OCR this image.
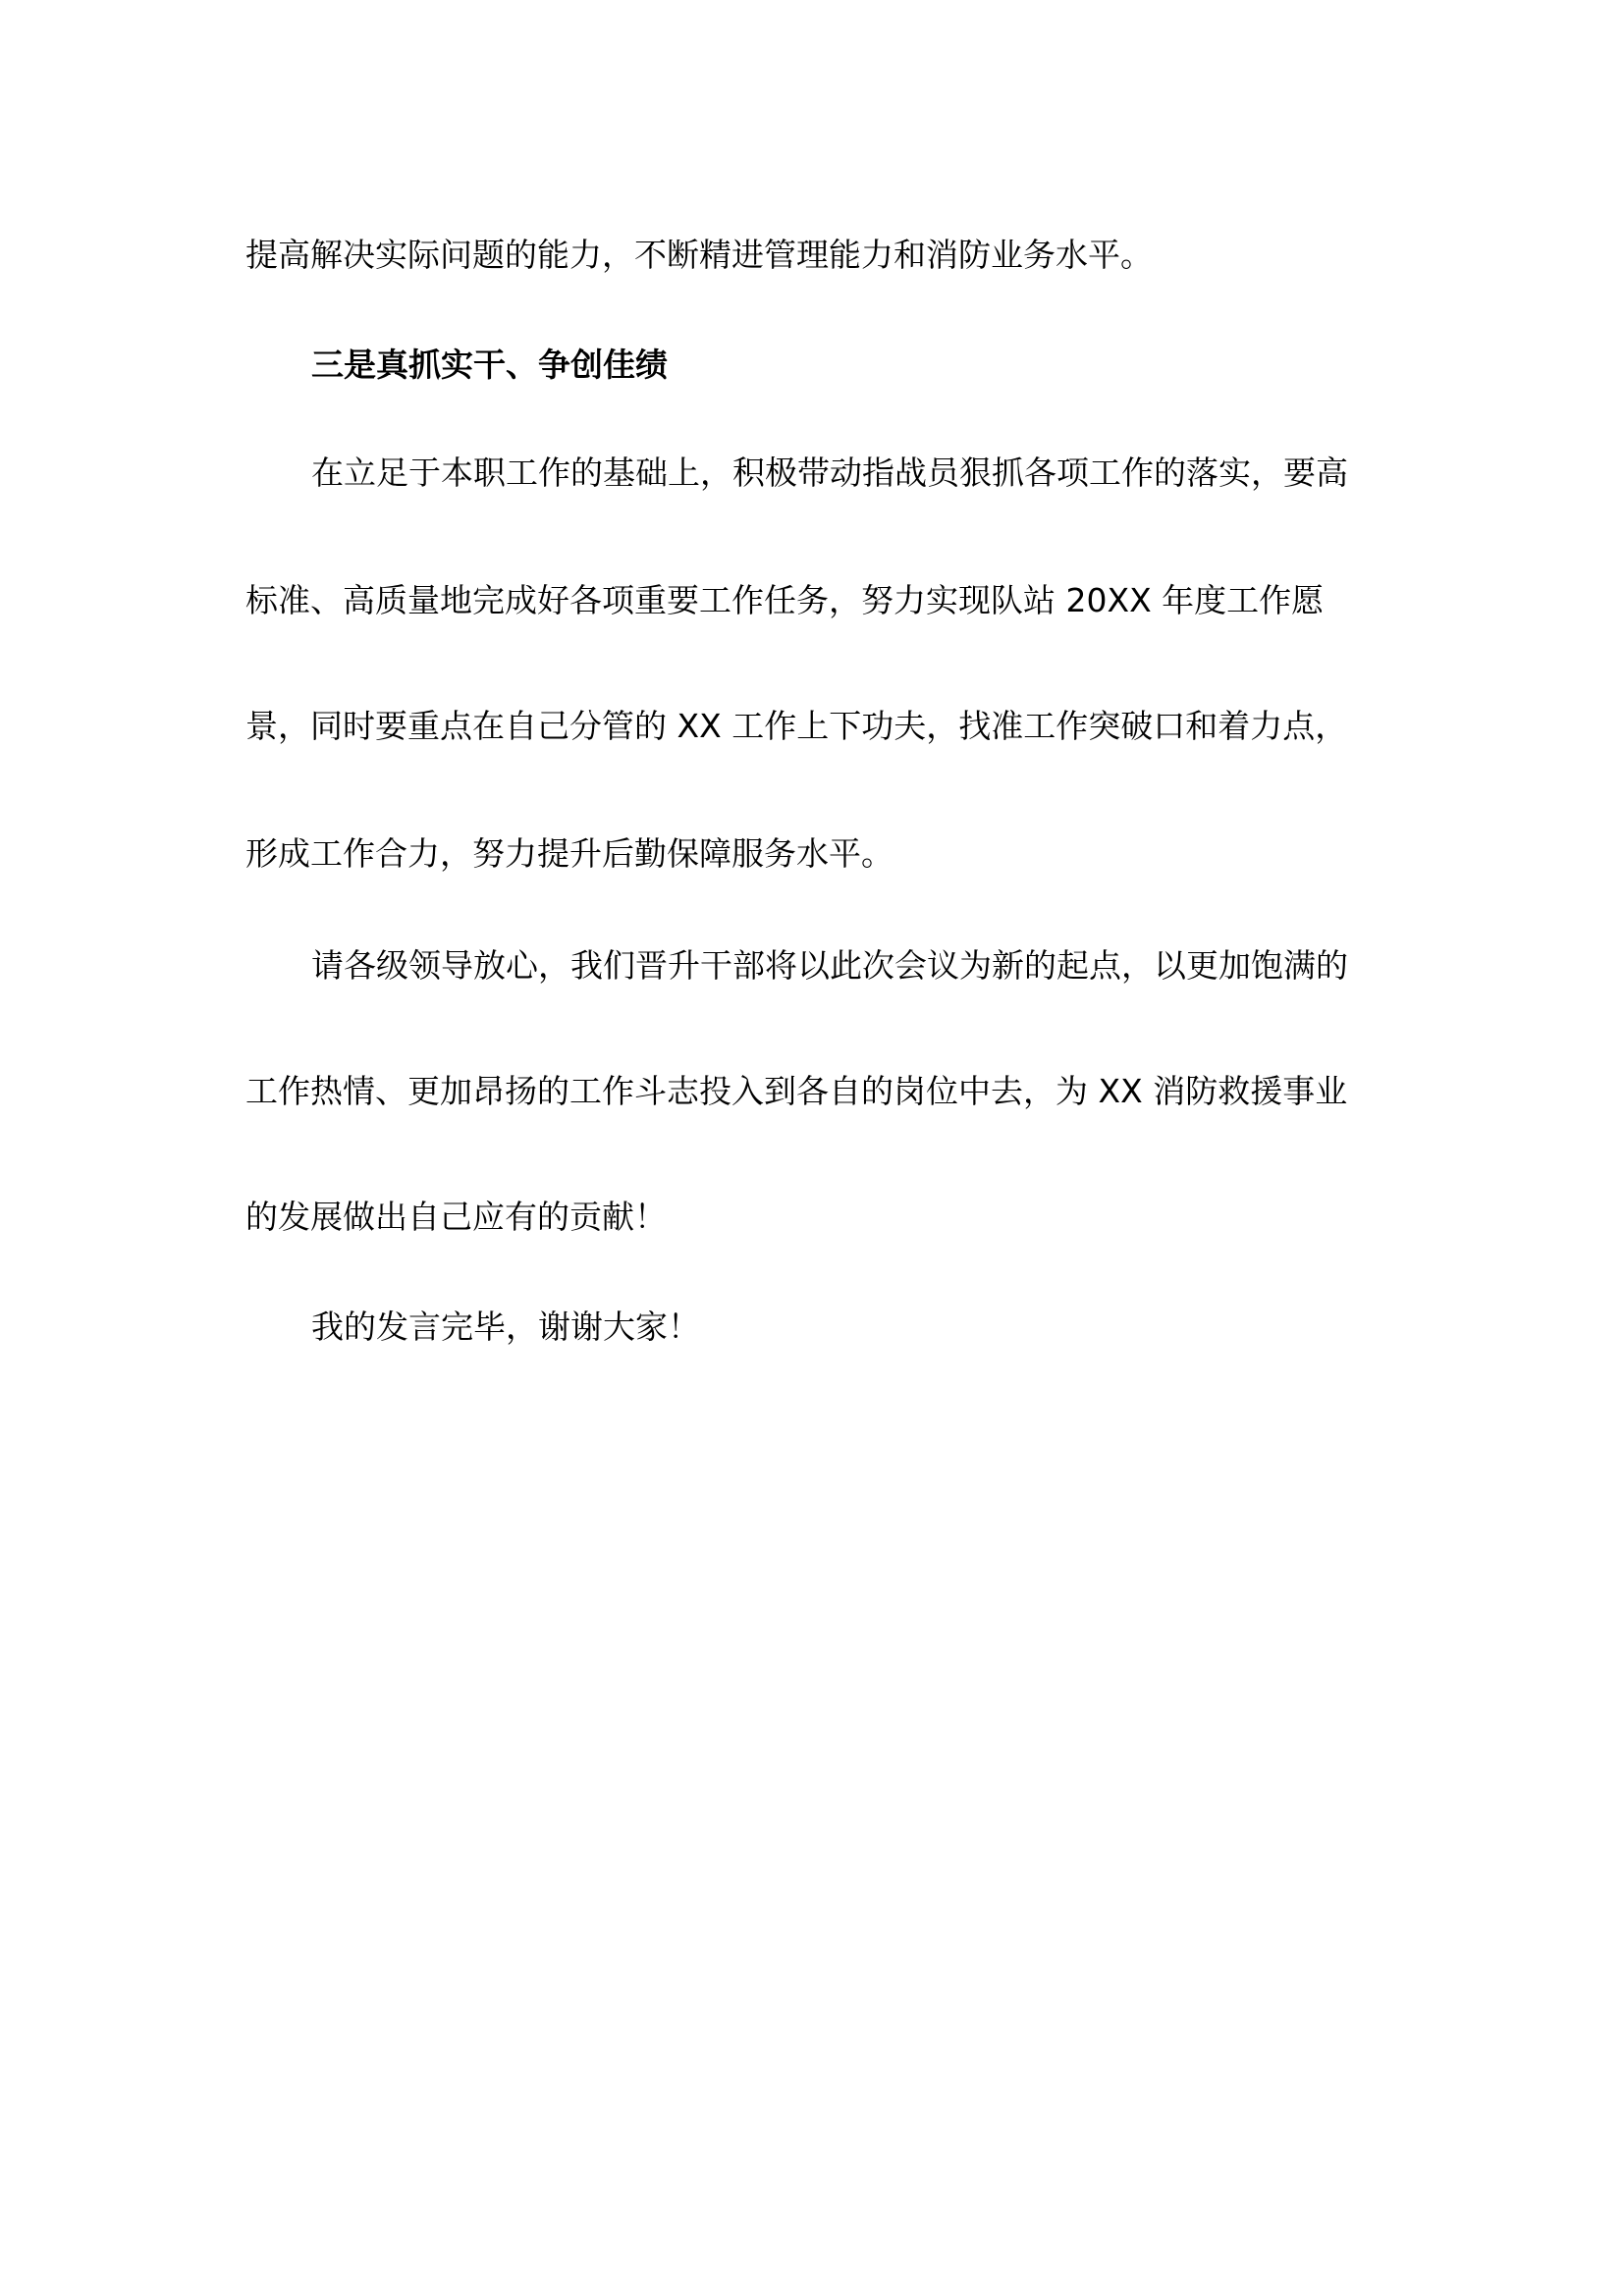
提高解决实际问题的能力，不断精进管理能力和消防业务水平。
三是真抓实干、争创佳绩
在立足于本职工作的基础上，积极带动指战员狠抓各项工作的落实，要高
标准、高质量地完成好各项重要工作任务，努力实现队站 20XX 年度工作愿
景，同时要重点在自己分管的 XX 工作上下功夫，找准工作突破口和着力点，
形成工作合力，努力提升后勤保障服务水平。
请各级领导放心，我们晋升干部将以此次会议为新的起点，以更加饱满的
工作热情、更加昂扬的工作斗志投入到各自的岗位中去，为 XX 消防救援事业
的发展做出自己应有的贡献！
我的发言完毕，谢谢大家！
